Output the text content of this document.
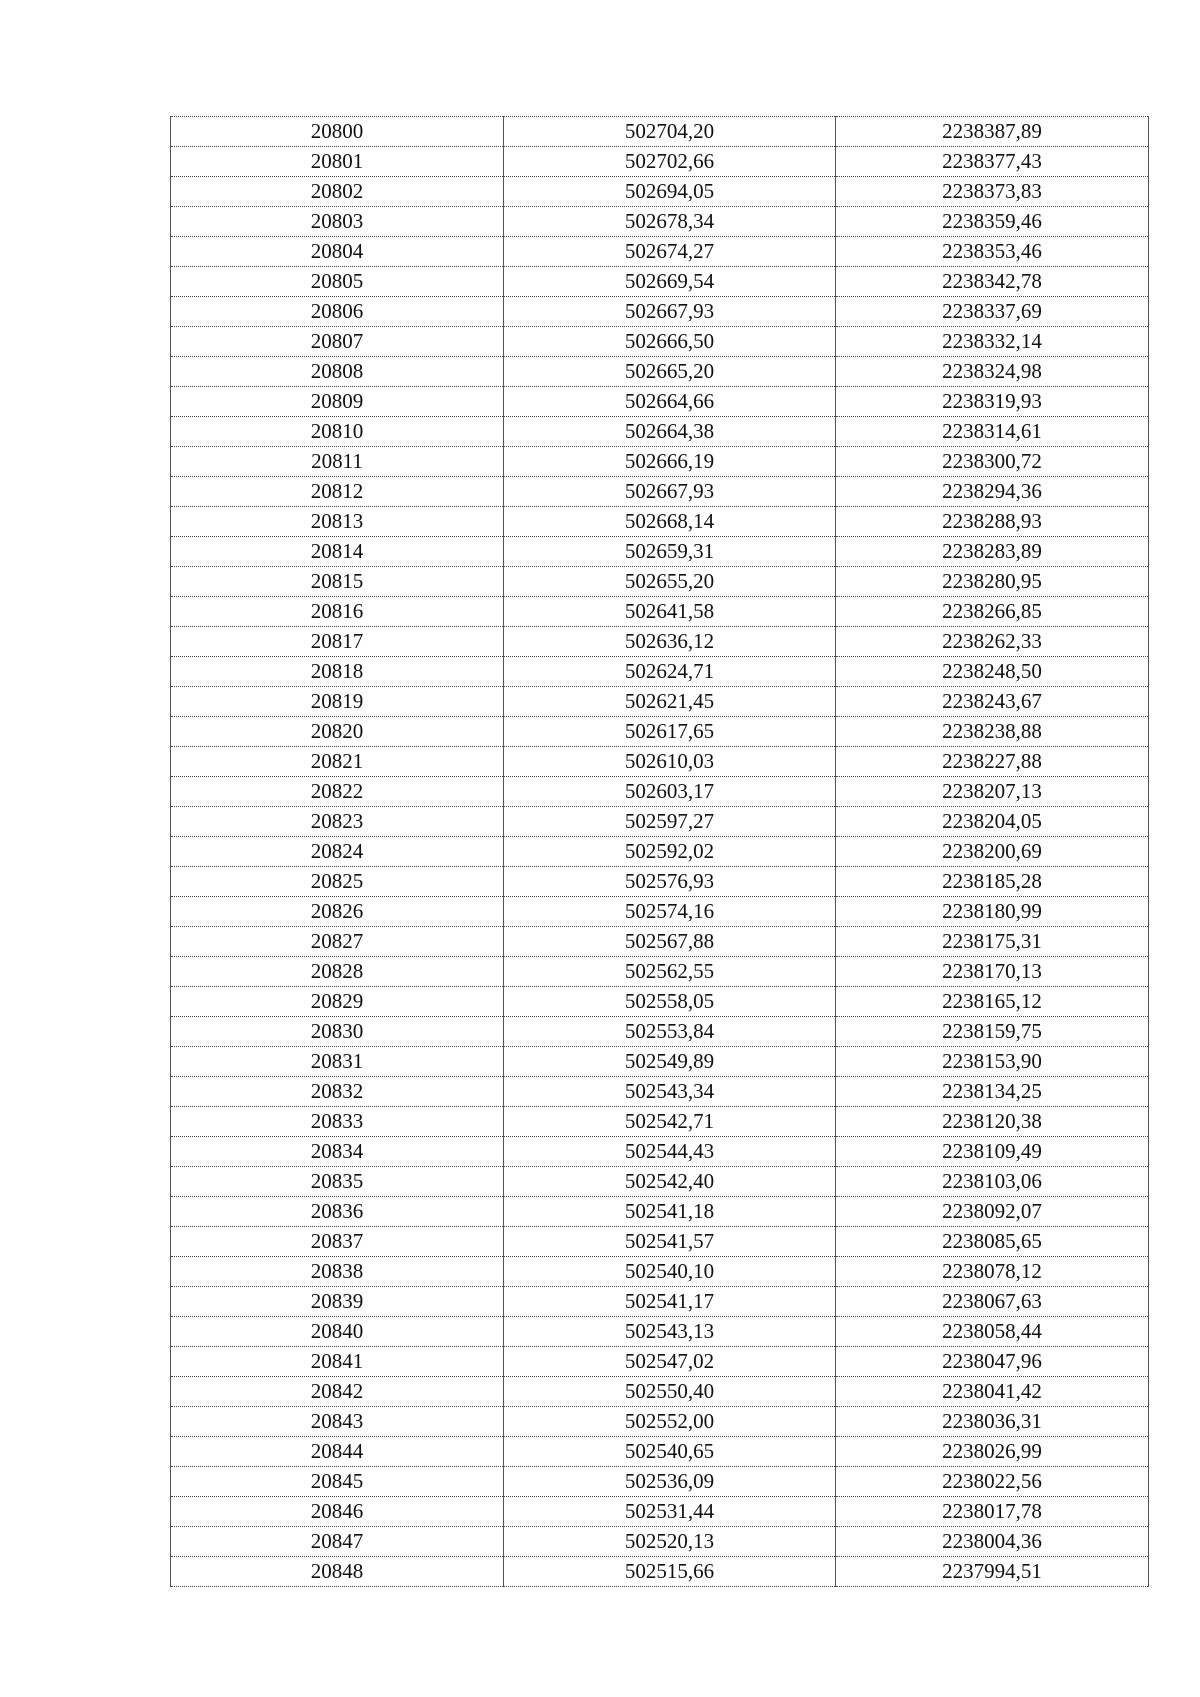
20800	502704,20	2238387,89
20801	502702,66	2238377,43
20802	502694,05	2238373,83
20803	502678,34	2238359,46
20804	502674,27	2238353,46
20805	502669,54	2238342,78
20806	502667,93	2238337,69
20807	502666,50	2238332,14
20808	502665,20	2238324,98
20809	502664,66	2238319,93
20810	502664,38	2238314,61
20811	502666,19	2238300,72
20812	502667,93	2238294,36
20813	502668,14	2238288,93
20814	502659,31	2238283,89
20815	502655,20	2238280,95
20816	502641,58	2238266,85
20817	502636,12	2238262,33
20818	502624,71	2238248,50
20819	502621,45	2238243,67
20820	502617,65	2238238,88
20821	502610,03	2238227,88
20822	502603,17	2238207,13
20823	502597,27	2238204,05
20824	502592,02	2238200,69
20825	502576,93	2238185,28
20826	502574,16	2238180,99
20827	502567,88	2238175,31
20828	502562,55	2238170,13
20829	502558,05	2238165,12
20830	502553,84	2238159,75
20831	502549,89	2238153,90
20832	502543,34	2238134,25
20833	502542,71	2238120,38
20834	502544,43	2238109,49
20835	502542,40	2238103,06
20836	502541,18	2238092,07
20837	502541,57	2238085,65
20838	502540,10	2238078,12
20839	502541,17	2238067,63
20840	502543,13	2238058,44
20841	502547,02	2238047,96
20842	502550,40	2238041,42
20843	502552,00	2238036,31
20844	502540,65	2238026,99
20845	502536,09	2238022,56
20846	502531,44	2238017,78
20847	502520,13	2238004,36
20848	502515,66	2237994,51
